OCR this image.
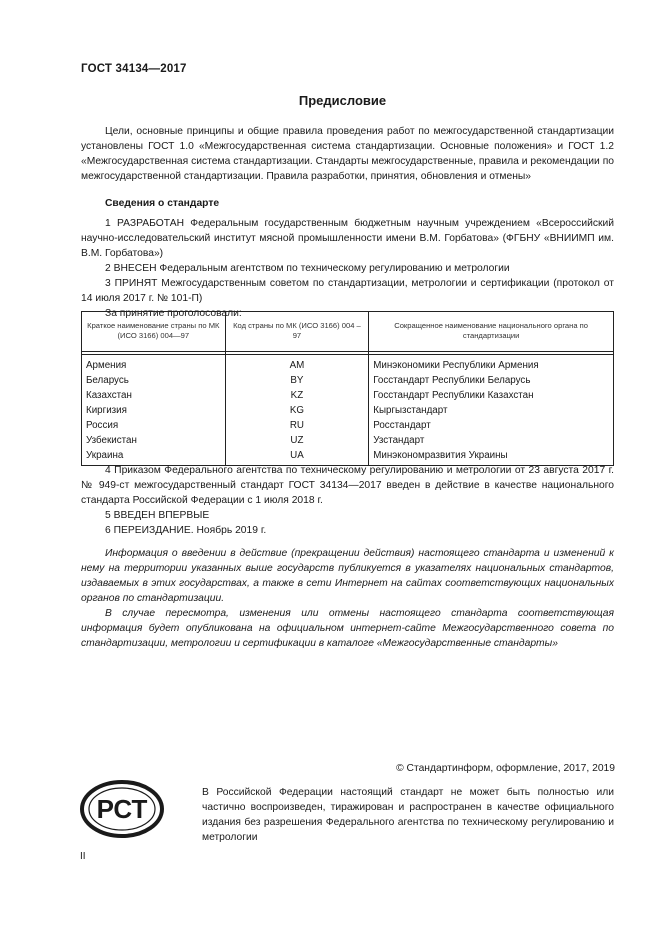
ГОСТ 34134—2017
Предисловие

Цели, основные принципы и общие правила проведения работ по межгосударственной стандартизации установлены ГОСТ 1.0 «Межгосударственная система стандартизации. Основные положения» и ГОСТ 1.2 «Межгосударственная система стандартизации. Стандарты межгосударственные, правила и рекомендации по межгосударственной стандартизации. Правила разработки, принятия, обновления и отмены»

Сведения о стандарте

1 РАЗРАБОТАН Федеральным государственным бюджетным научным учреждением «Всероссийский научно-исследовательский институт мясной промышленности имени В.М. Горбатова» (ФГБНУ «ВНИИМП им. В.М. Горбатова»)

2 ВНЕСЕН Федеральным агентством по техническому регулированию и метрологии

3 ПРИНЯТ Межгосударственным советом по стандартизации, метрологии и сертификации (протокол от 14 июля 2017 г. № 101-П)

За принятие проголосовали:

Краткое наименование страны по МК (ИСО 3166) 004—97	Код страны по МК (ИСО 3166) 004 – 97	Сокращенное наименование национального органа по стандартизации

Армения	AM	Минэкономики Республики Армения
Беларусь	BY	Госстандарт Республики Беларусь
Казахстан	KZ	Госстандарт Республики Казахстан
Киргизия	KG	Кыргызстандарт
Россия	RU	Росстандарт
Узбекистан	UZ	Узстандарт
Украина	UA	Минэкономразвития Украины

4 Приказом Федерального агентства по техническому регулированию и метрологии от 23 августа 2017 г. № 949-ст межгосударственный стандарт ГОСТ 34134—2017 введен в действие в качестве национального стандарта Российской Федерации с 1 июля 2018 г.

5 ВВЕДЕН ВПЕРВЫЕ

6 ПЕРЕИЗДАНИЕ. Ноябрь 2019 г.

Информация о введении в действие (прекращении действия) настоящего стандарта и изменений к нему на территории указанных выше государств публикуется в указателях национальных стандартов, издаваемых в этих государствах, а также в сети Интернет на сайтах соответствующих национальных органов по стандартизации.

В случае пересмотра, изменения или отмены настоящего стандарта соответствующая информация будет опубликована на официальном интернет-сайте Межгосударственного совета по стандартизации, метрологии и сертификации в каталоге «Межгосударственные стандарты»

© Стандартинформ, оформление, 2017, 2019
РСТ

В Российской Федерации настоящий стандарт не может быть полностью или частично воспроизведен, тиражирован и распространен в качестве официального издания без разрешения Федерального агентства по техническому регулированию и метрологии

II
